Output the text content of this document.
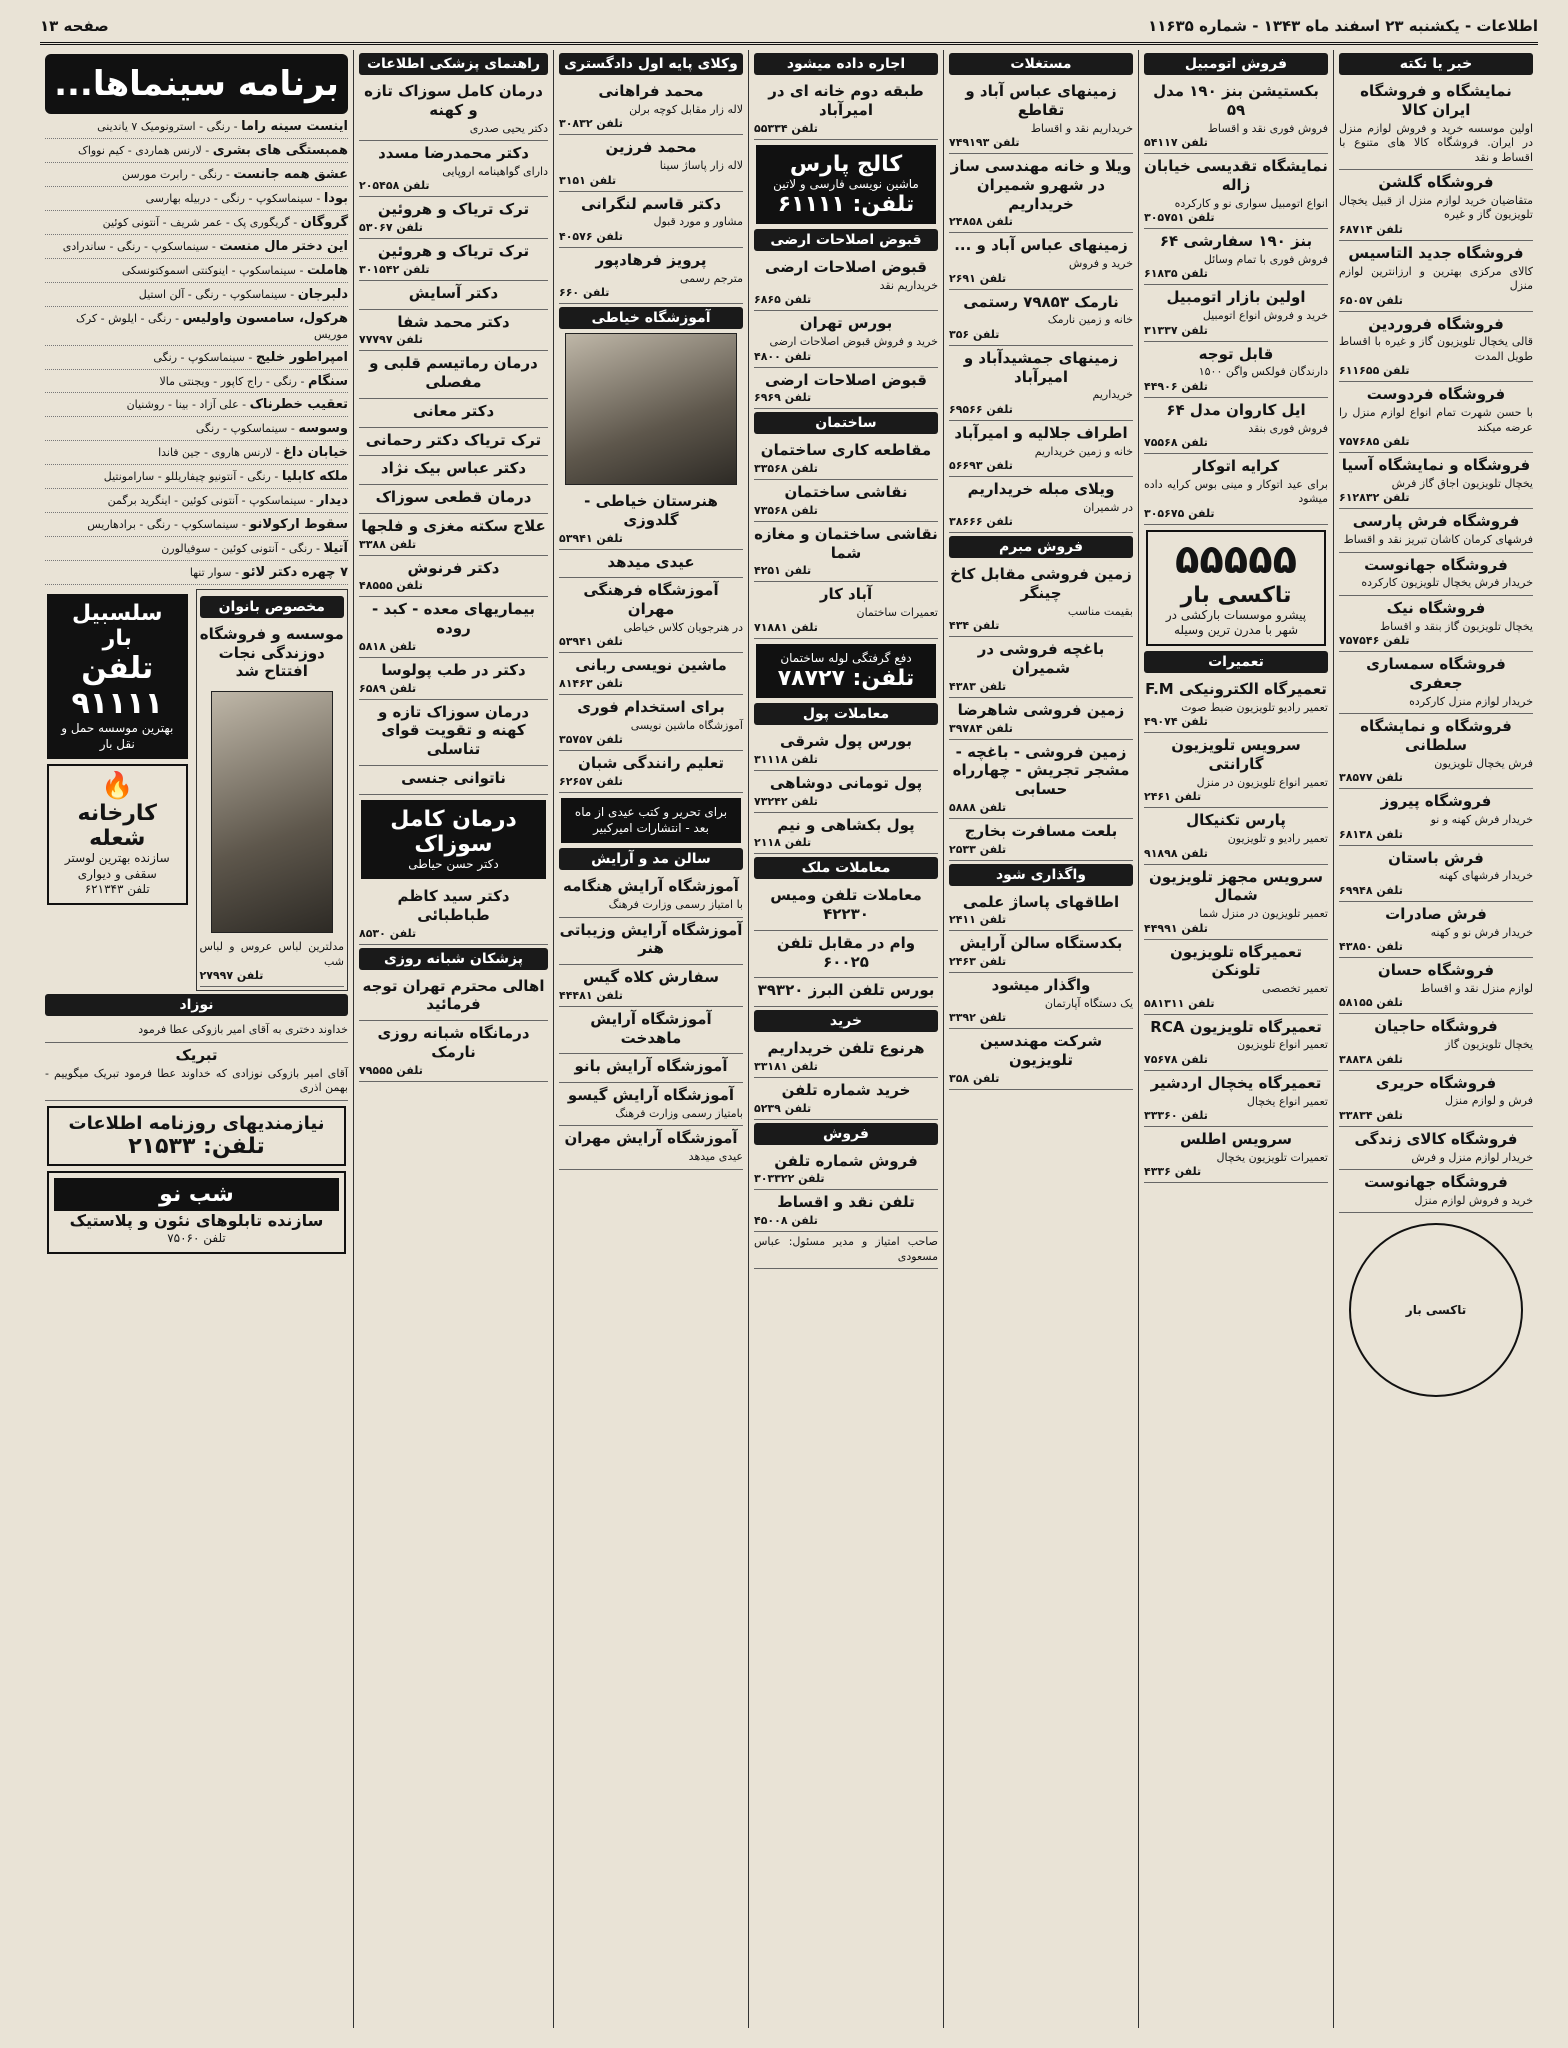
اطلاعات - یکشنبه ۲۳ اسفند ماه ۱۳۴۳ - شماره ۱۱۶۳۵
صفحه ۱۳
خبر یا نکته
نمایشگاه و فروشگاه ایران کالا

اولین موسسه خرید و فروش لوازم منزل در ایران. فروشگاه کالا های متنوع با اقساط و نقد

فروشگاه گلشن

متقاضیان خرید لوازم منزل از قبیل یخچال تلویزیون گاز و غیره

تلفن ۶۸۷۱۴
فروشگاه جدید التاسیس

کالای مرکزی بهترین و ارزانترین لوازم منزل

تلفن ۶۵۰۵۷
فروشگاه فروردین

قالی یخچال تلویزیون گاز و غیره با اقساط طویل المدت

تلفن ۶۱۱۶۵۵
فروشگاه فردوست

با حسن شهرت تمام انواع لوازم منزل را عرضه میکند

تلفن ۷۵۷۶۸۵
فروشگاه و نمایشگاه آسیا

یخچال تلویزیون اجاق گاز فرش

تلفن ۶۱۲۸۳۲
فروشگاه فرش پارسی

فرشهای کرمان کاشان تبریز نقد و اقساط

فروشگاه جهانوست

خریدار فرش یخچال تلویزیون کارکرده

فروشگاه نیک

یخچال تلویزیون گاز بنقد و اقساط

تلفن ۷۵۷۵۴۶
فروشگاه سمساری جعفری

خریدار لوازم منزل کارکرده

فروشگاه و نمایشگاه سلطانی

فرش یخچال تلویزیون

تلفن ۳۸۵۷۷
فروشگاه پیروز

خریدار فرش کهنه و نو

تلفن ۶۸۱۳۸
فرش باستان

خریدار فرشهای کهنه

تلفن ۶۹۹۴۸
فرش صادرات

خریدار فرش نو و کهنه

تلفن ۴۳۸۵۰
فروشگاه حسان

لوازم منزل نقد و اقساط

تلفن ۵۸۱۵۵
فروشگاه حاجیان

یخچال تلویزیون گاز

تلفن ۳۸۸۳۸
فروشگاه حریری

فرش و لوازم منزل

تلفن ۳۳۸۳۴
فروشگاه کالای زندگی

خریدار لوازم منزل و فرش

فروشگاه جهانوست

خرید و فروش لوازم منزل

تاکسی بار
فروش اتومبیل
بکستیشن بنز ۱۹۰ مدل ۵۹

فروش فوری نقد و اقساط

تلفن ۵۴۱۱۷
نمایشگاه تقدیسی خیابان زاله

انواع اتومبیل سواری نو و کارکرده

تلفن ۳۰۵۷۵۱
بنز ۱۹۰ سفارشی ۶۴

فروش فوری با تمام وسائل

تلفن ۶۱۸۳۵
اولین بازار اتومبیل

خرید و فروش انواع اتومبیل

تلفن ۳۱۳۳۷
قابل توجه

دارندگان فولکس واگن ۱۵۰۰

تلفن ۴۴۹۰۶
ایل کاروان مدل ۶۴

فروش فوری بنقد

تلفن ۷۵۵۶۸
کرایه اتوکار

برای عید اتوکار و مینی بوس کرایه داده میشود

تلفن ۳۰۵۶۷۵
۵۵۵۵۵
تاکسی بار
پیشرو موسسات بارکشی در شهر با مدرن ترین وسیله
تعمیرات
تعمیرگاه الکترونیکی F.M

تعمیر رادیو تلویزیون ضبط صوت

تلفن ۴۹۰۷۴
سرویس تلویزیون گارانتی

تعمیر انواع تلویزیون در منزل

تلفن ۲۴۶۱
پارس تکنیکال

تعمیر رادیو و تلویزیون

تلفن ۹۱۸۹۸
سرویس مجهز تلویزیون شمال

تعمیر تلویزیون در منزل شما

تلفن ۴۴۹۹۱
تعمیرگاه تلویزیون تلونکن

تعمیر تخصصی

تلفن ۵۸۱۳۱۱
تعمیرگاه تلویزیون RCA

تعمیر انواع تلویزیون

تلفن ۷۵۶۷۸
تعمیرگاه یخچال اردشیر

تعمیر انواع یخچال

تلفن ۳۳۳۶۰
سرویس اطلس

تعمیرات تلویزیون یخچال

تلفن ۴۳۳۶
مستغلات
زمینهای عباس آباد و تقاطع

خریداریم نقد و اقساط

تلفن ۷۴۹۱۹۳
ویلا و خانه مهندسی ساز در شهرو شمیران خریداریم
تلفن ۲۴۸۵۸
زمینهای عباس آباد و ...

خرید و فروش

تلفن ۲۶۹۱
نارمک ۷۹۸۵۳ رستمی

خانه و زمین نارمک

تلفن ۳۵۶
زمینهای جمشیدآباد و امیرآباد

خریداریم

تلفن ۶۹۵۶۶
اطراف جلالیه و امیرآباد

خانه و زمین خریداریم

تلفن ۵۶۶۹۳
ویلای مبله خریداریم

در شمیران

تلفن ۳۸۶۶۶
فروش مبرم
زمین فروشی مقابل کاخ چینگر

بقیمت مناسب

تلفن ۴۳۴
باغچه فروشی در شمیران
تلفن ۴۳۸۳
زمین فروشی شاهرضا
تلفن ۳۹۷۸۴
زمین فروشی - باغچه - مشجر تجریش - چهارراه حسابی
تلفن ۵۸۸۸
بلعت مسافرت بخارج
تلفن ۲۵۳۳
واگذاری شود
اطاقهای پاساژ علمی
تلفن ۲۴۱۱
بکدستگاه سالن آرایش
تلفن ۲۴۶۳
واگذار میشود

یک دستگاه آپارتمان

تلفن ۳۳۹۲
شرکت مهندسین تلویزیون
تلفن ۳۵۸
اجاره داده میشود
طبقه دوم خانه ای در امیرآباد
تلفن ۵۵۳۳۴
کالج پارس
ماشین نویسی فارسی و لاتین
تلفن: ۶۱۱۱۱
قبوض اصلاحات ارضی
قبوض اصلاحات ارضی

خریداریم نقد

تلفن ۶۸۶۵
بورس تهران

خرید و فروش قبوض اصلاحات ارضی

تلفن ۴۸۰۰
قبوض اصلاحات ارضی
تلفن ۶۹۶۹
ساختمان
مقاطعه کاری ساختمان
تلفن ۳۳۵۶۸
نقاشی ساختمان
تلفن ۷۳۵۶۸
نقاشی ساختمان و مغازه شما
تلفن ۴۲۵۱
آباد کار

تعمیرات ساختمان

تلفن ۷۱۸۸۱
دفع گرفتگی لوله ساختمان
تلفن: ۷۸۷۲۷
معاملات پول
بورس پول شرقی
تلفن ۳۱۱۱۸
پول تومانی دوشاهی
تلفن ۷۳۲۴۲
پول بکشاهی و نیم
تلفن ۲۱۱۸
معاملات ملک
معاملات تلفن ومیس ۴۲۲۳۰
وام در مقابل تلفن ۶۰۰۲۵
بورس تلفن البرز ۳۹۳۲۰
خرید
هرنوع تلفن خریداریم
تلفن ۳۳۱۸۱
خرید شماره تلفن
تلفن ۵۲۳۹
فروش
فروش شماره تلفن
تلفن ۳۰۳۳۲۲
تلفن نقد و اقساط
تلفن ۴۵۰۰۸

صاحب امتیاز و مدیر مسئول: عباس مسعودی

وکلای پایه اول دادگستری
محمد فراهانی

لاله زار مقابل کوچه برلن

تلفن ۳۰۸۳۲
محمد فرزین

لاله زار پاساژ سینا

تلفن ۳۱۵۱
دکتر قاسم لنگرانی

مشاور و مورد قبول

تلفن ۴۰۵۷۶
پرویز فرهادپور

مترجم رسمی

تلفن ۶۶۰
آموزشگاه خیاطی
هنرستان خیاطی - گلدوزی
تلفن ۵۳۹۴۱
عیدی میدهد
آموزشگاه فرهنگی مهران

در هنرجویان کلاس خیاطی

تلفن ۵۳۹۴۱
ماشین نویسی ربانی
تلفن ۸۱۴۶۳
برای استخدام فوری

آموزشگاه ماشین نویسی

تلفن ۳۵۷۵۷
تعلیم رانندگی شبان
تلفن ۶۲۶۵۷
برای تحریر و کتب عیدی از ماه بعد - انتشارات امیرکبیر
سالن مد و آرایش
آموزشگاه آرایش هنگامه

با امتیاز رسمی وزارت فرهنگ

آموزشگاه آرایش وزیباتی هنر
سفارش کلاه گیس
تلفن ۴۴۴۸۱
آموزشگاه آرایش ماهدخت
آموزشگاه آرایش بانو
آموزشگاه آرایش گیسو

بامتیاز رسمی وزارت فرهنگ

آموزشگاه آرایش مهران

عیدی میدهد

راهنمای پزشکی اطلاعات
درمان کامل سوزاک تازه و کهنه

دکتر یحیی صدری

دکتر محمدرضا مسدد

دارای گواهینامه اروپایی

تلفن ۲۰۵۴۵۸
ترک تریاک و هروئین
تلفن ۵۳۰۶۷
ترک تریاک و هروئین
تلفن ۳۰۱۵۴۲
دکتر آسایش
دکتر محمد شفا
تلفن ۷۷۷۹۷
درمان رماتیسم قلبی و مفصلی
دکتر معانی
ترک تریاک دکتر رحمانی
دکتر عباس بیک نژاد
درمان قطعی سوزاک
علاج سکته مغزی و فلجها
تلفن ۳۳۸۸
دکتر فرنوش
تلفن ۴۸۵۵۵
بیماریهای معده - کبد - روده
تلفن ۵۸۱۸
دکتر در طب پولوسا
تلفن ۶۵۸۹
درمان سوزاک تازه و کهنه و تقویت قوای تناسلی
ناتوانی جنسی
درمان کامل سوزاک
دکتر حسن حیاطی
دکتر سید کاظم طباطبائی
تلفن ۸۵۳۰
پزشکان شبانه روزی
اهالی محترم تهران توجه فرمائید
درمانگاه شبانه روزی نارمک
تلفن ۷۹۵۵۵
برنامه سینماها...

اینست سینه راما - رنگی - استرونومیک ۷ یاندینی

همبستگی های بشری - لارنس هماردی - کیم نوواک

عشق همه جانست - رنگی - رابرت مورسن

بودا - سینماسکوپ - رنگی - دربیله بهارسی

گروگان - گریگوری پک - عمر شریف - آنتونی کوئین

این دختر مال منست - سینماسکوپ - رنگی - ساندرادی

هاملت - سینماسکوپ - اینوکنتی اسموکتونسکی

دلبرجان - سینماسکوپ - رنگی - آلن استیل

هرکول، سامسون واولیس - رنگی - ایلوش - کرک موریس

امپراطور خلیج - سینماسکوپ - رنگی

سنگام - رنگی - راج کاپور - ویجنتی مالا

تعقیب خطرناک - علی آزاد - بینا - روشنیان

وسوسه - سینماسکوپ - رنگی

خیابان داغ - لارنس هاروی - جین فاندا

ملکه کابلیا - رنگی - آنتونیو چیفاریللو - سارامونتیل

دیدار - سینماسکوپ - آنتونی کوئین - اینگرید برگمن

سقوط ارکولانو - سینماسکوپ - رنگی - برادهاریس

آتیلا - رنگی - آنتونی کوئین - سوفیالورن

۷ چهره دکتر لائو - سوار تنها

مخصوص بانوان
موسسه و فروشگاه دوزندگی نجات افتتاح شد

مدلترین لباس عروس و لباس شب

تلفن ۲۷۹۹۷
سلسبیل بار
تلفن ۹۱۱۱۱
بهترین موسسه حمل و نقل بار
🔥
کارخانه شعله
سازنده بهترین لوستر سقفی و دیواری
تلفن ۶۲۱۳۴۳
نوزاد

خداوند دختری به آقای امیر بازوکی عطا فرمود

تبریک

آقای امیر بازوکی نوزادی که خداوند عطا فرمود تبریک میگوییم - بهمن اذری

نیازمندیهای روزنامه اطلاعات
تلفن: ۲۱۵۳۳
شب نو
سازنده تابلوهای نئون و پلاستیک
تلفن ۷۵۰۶۰
